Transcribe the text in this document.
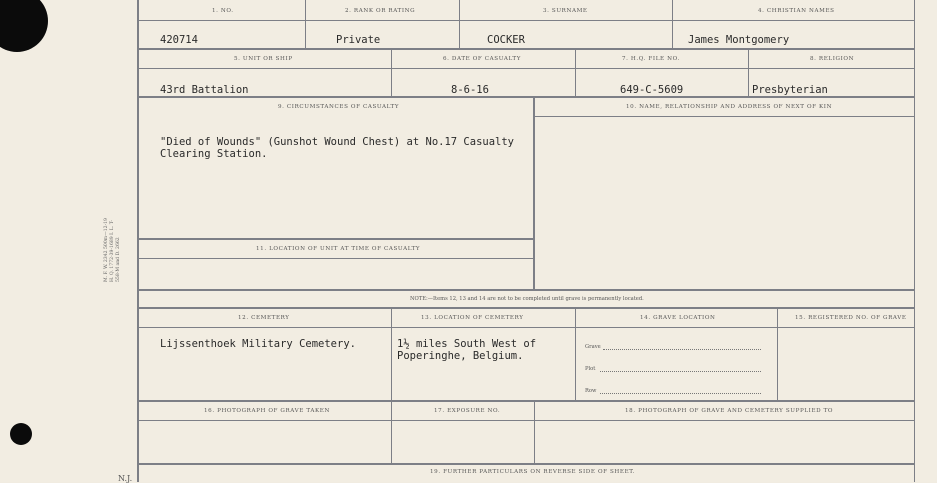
M. F. W. 2342 500m—12-19 H. Q. 1772-39-1689 I. L. T-558-M and D. 2662
N.J.
1. NO.	2. RANK OR RATING	3. SURNAME	4. CHRISTIAN NAMES
420714	Private	COCKER	James Montgomery
5. UNIT OR SHIP	6. DATE OF CASUALTY	7. H.Q. FILE NO.	8. RELIGION
43rd Battalion	8-6-16	649-C-5609	Presbyterian
9. CIRCUMSTANCES OF CASUALTY	10. NAME, RELATIONSHIP AND ADDRESS OF NEXT OF KIN
"Died of Wounds" (Gunshot Wound Chest) at No.17 Casualty
Clearing Station.
11. LOCATION OF UNIT AT TIME OF CASUALTY
NOTE:—Items 12, 13 and 14 are not to be completed until grave is permanently located.
12. CEMETERY	13. LOCATION OF CEMETERY	14. GRAVE LOCATION	15. REGISTERED NO. OF GRAVE
Lijssenthoek Military Cemetery.	1½ miles South West of
Poperinghe, Belgium.
Grave
Plot
Row
16. PHOTOGRAPH OF GRAVE TAKEN	17. EXPOSURE NO.	18. PHOTOGRAPH OF GRAVE AND CEMETERY SUPPLIED TO
19. FURTHER PARTICULARS ON REVERSE SIDE OF SHEET.
